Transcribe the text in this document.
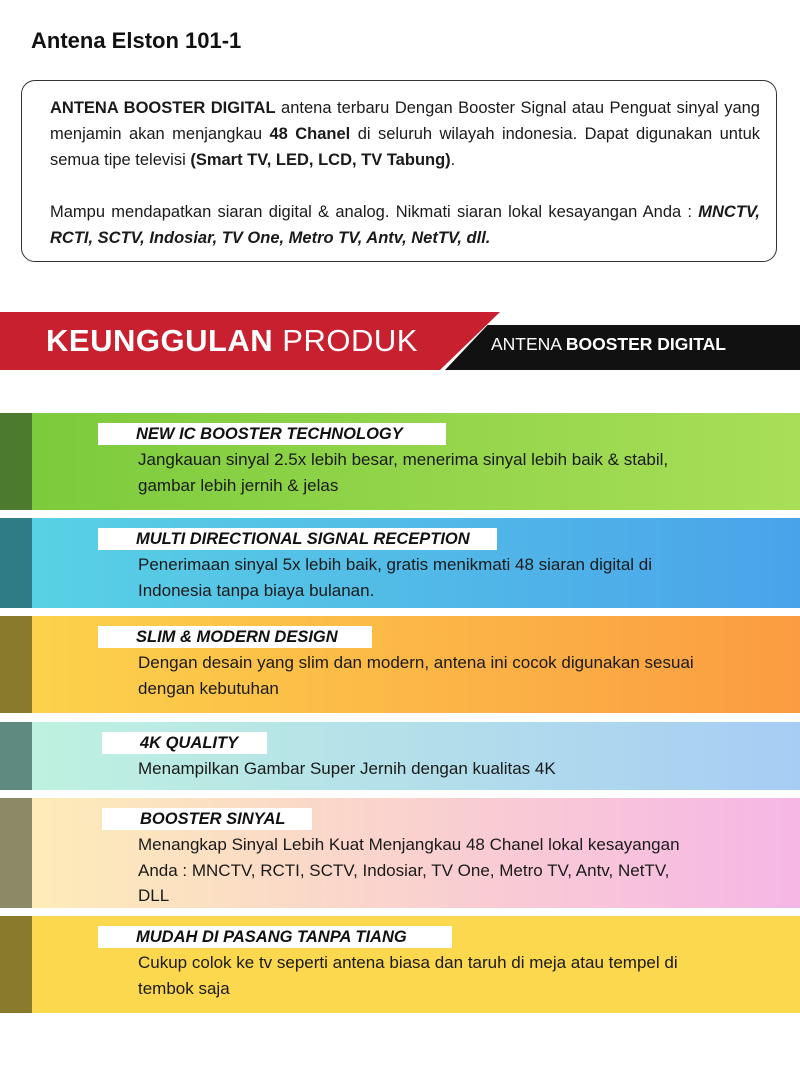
Antena Elston 101-1

ANTENA BOOSTER DIGITAL antena terbaru Dengan Booster Signal atau Penguat sinyal yang menjamin akan menjangkau 48 Chanel di seluruh wilayah indonesia. Dapat digunakan untuk semua tipe televisi (Smart TV, LED, LCD, TV Tabung).

Mampu mendapatkan siaran digital & analog. Nikmati siaran lokal kesayangan Anda : MNCTV, RCTI, SCTV, Indosiar, TV One, Metro TV, Antv, NetTV, dll.

KEUNGGULAN PRODUK	ANTENA BOOSTER DIGITAL
NEW IC BOOSTER TECHNOLOGY
Jangkauan sinyal 2.5x lebih besar, menerima sinyal lebih baik & stabil, gambar lebih jernih & jelas
MULTI DIRECTIONAL SIGNAL RECEPTION
Penerimaan sinyal 5x lebih baik, gratis menikmati 48 siaran digital di Indonesia tanpa biaya bulanan.
SLIM & MODERN DESIGN
Dengan desain yang slim dan modern, antena ini cocok digunakan sesuai dengan kebutuhan
4K QUALITY
Menampilkan Gambar Super Jernih dengan kualitas 4K
BOOSTER SINYAL
Menangkap Sinyal Lebih Kuat Menjangkau 48 Chanel lokal kesayangan Anda : MNCTV, RCTI, SCTV, Indosiar, TV One, Metro TV, Antv, NetTV, DLL
MUDAH DI PASANG TANPA TIANG
Cukup colok ke tv seperti antena biasa dan taruh di meja atau tempel di tembok saja
